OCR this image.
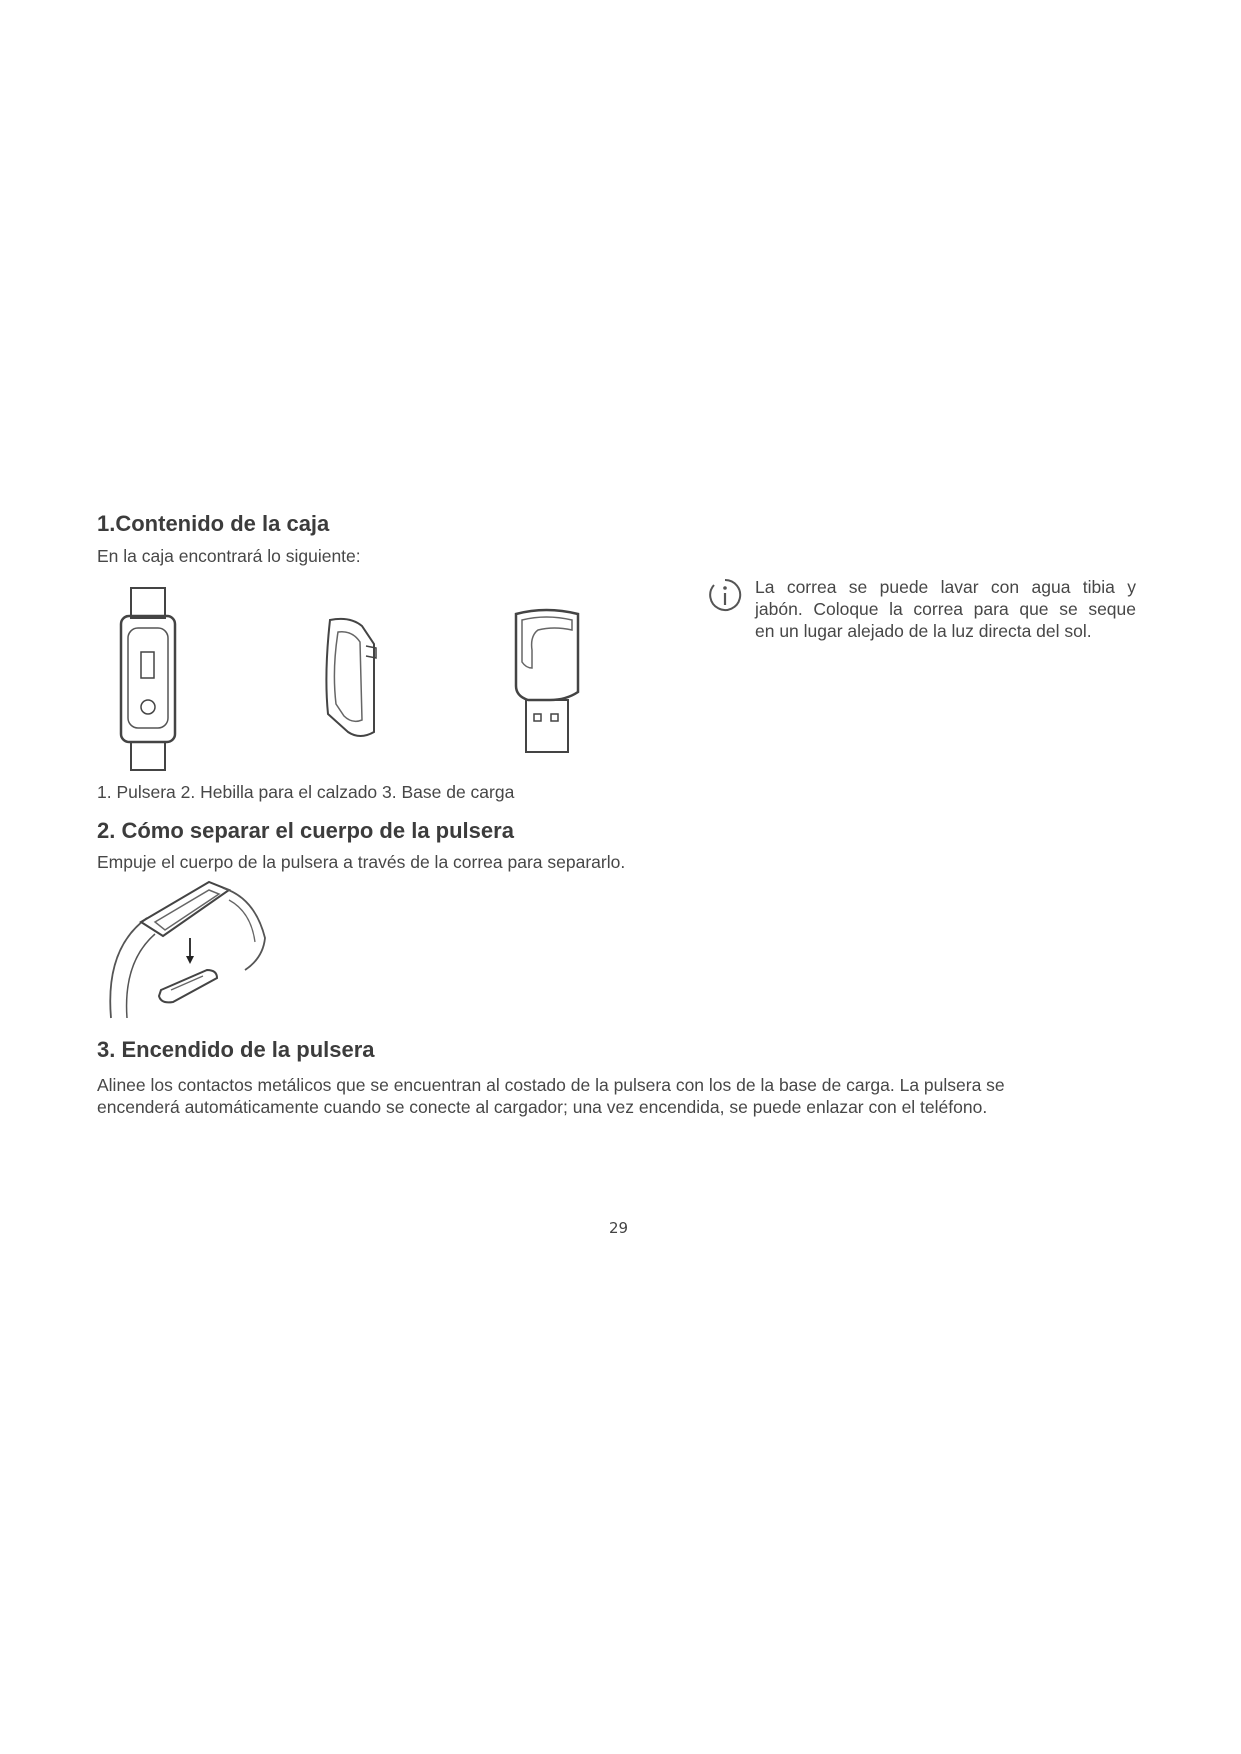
1.Contenido de la caja

En la caja encontrará lo siguiente:

La correa se puede lavar con agua tibia y
jabón. Coloque la correa para que se seque
en un lugar alejado de la luz directa del sol.

1. Pulsera 2. Hebilla para el calzado 3. Base de carga

2. Cómo separar el cuerpo de la pulsera

Empuje el cuerpo de la pulsera a través de la correa para separarlo.

3. Encendido de la pulsera
Alinee los contactos metálicos que se encuentran al costado de la pulsera con los de la base de carga. La pulsera se
encenderá automáticamente cuando se conecte al cargador; una vez encendida, se puede enlazar con el teléfono.
29
